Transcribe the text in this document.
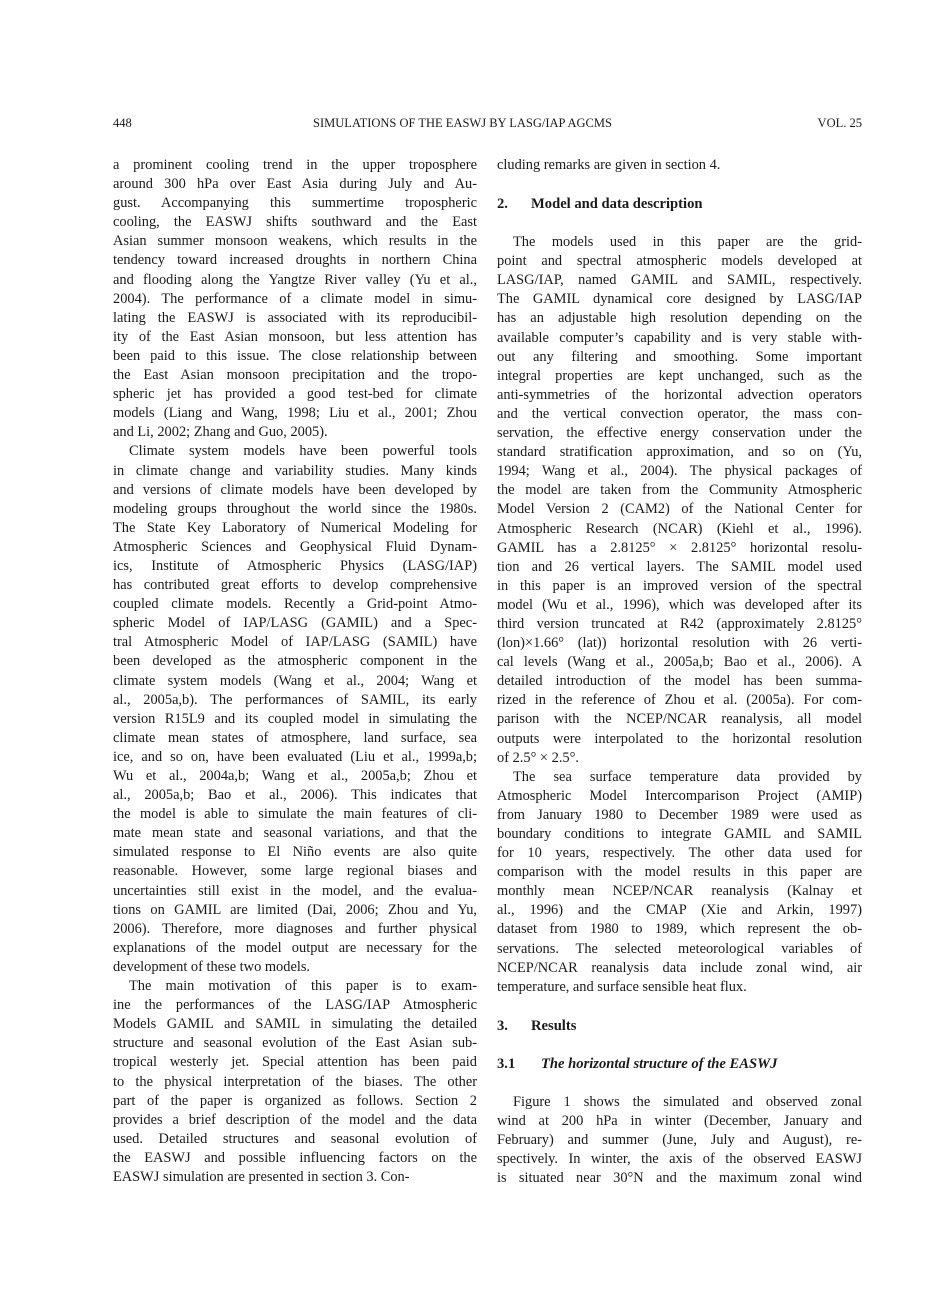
448	SIMULATIONS OF THE EASWJ BY LASG/IAP AGCMS	VOL. 25
a prominent cooling trend in the upper troposphere
around 300 hPa over East Asia during July and Au-
gust. Accompanying this summertime tropospheric
cooling, the EASWJ shifts southward and the East
Asian summer monsoon weakens, which results in the
tendency toward increased droughts in northern China
and flooding along the Yangtze River valley (Yu et al.,
2004). The performance of a climate model in simu-
lating the EASWJ is associated with its reproducibil-
ity of the East Asian monsoon, but less attention has
been paid to this issue. The close relationship between
the East Asian monsoon precipitation and the tropo-
spheric jet has provided a good test-bed for climate
models (Liang and Wang, 1998; Liu et al., 2001; Zhou
and Li, 2002; Zhang and Guo, 2005).
Climate system models have been powerful tools
in climate change and variability studies. Many kinds
and versions of climate models have been developed by
modeling groups throughout the world since the 1980s.
The State Key Laboratory of Numerical Modeling for
Atmospheric Sciences and Geophysical Fluid Dynam-
ics, Institute of Atmospheric Physics (LASG/IAP)
has contributed great efforts to develop comprehensive
coupled climate models. Recently a Grid-point Atmo-
spheric Model of IAP/LASG (GAMIL) and a Spec-
tral Atmospheric Model of IAP/LASG (SAMIL) have
been developed as the atmospheric component in the
climate system models (Wang et al., 2004; Wang et
al., 2005a,b). The performances of SAMIL, its early
version R15L9 and its coupled model in simulating the
climate mean states of atmosphere, land surface, sea
ice, and so on, have been evaluated (Liu et al., 1999a,b;
Wu et al., 2004a,b; Wang et al., 2005a,b; Zhou et
al., 2005a,b; Bao et al., 2006). This indicates that
the model is able to simulate the main features of cli-
mate mean state and seasonal variations, and that the
simulated response to El Niño events are also quite
reasonable. However, some large regional biases and
uncertainties still exist in the model, and the evalua-
tions on GAMIL are limited (Dai, 2006; Zhou and Yu,
2006). Therefore, more diagnoses and further physical
explanations of the model output are necessary for the
development of these two models.
The main motivation of this paper is to exam-
ine the performances of the LASG/IAP Atmospheric
Models GAMIL and SAMIL in simulating the detailed
structure and seasonal evolution of the East Asian sub-
tropical westerly jet. Special attention has been paid
to the physical interpretation of the biases. The other
part of the paper is organized as follows. Section 2
provides a brief description of the model and the data
used. Detailed structures and seasonal evolution of
the EASWJ and possible influencing factors on the
EASWJ simulation are presented in section 3. Con-
cluding remarks are given in section 4.
2. Model and data description
The models used in this paper are the grid-
point and spectral atmospheric models developed at
LASG/IAP, named GAMIL and SAMIL, respectively.
The GAMIL dynamical core designed by LASG/IAP
has an adjustable high resolution depending on the
available computer’s capability and is very stable with-
out any filtering and smoothing. Some important
integral properties are kept unchanged, such as the
anti-symmetries of the horizontal advection operators
and the vertical convection operator, the mass con-
servation, the effective energy conservation under the
standard stratification approximation, and so on (Yu,
1994; Wang et al., 2004). The physical packages of
the model are taken from the Community Atmospheric
Model Version 2 (CAM2) of the National Center for
Atmospheric Research (NCAR) (Kiehl et al., 1996).
GAMIL has a 2.8125° × 2.8125° horizontal resolu-
tion and 26 vertical layers. The SAMIL model used
in this paper is an improved version of the spectral
model (Wu et al., 1996), which was developed after its
third version truncated at R42 (approximately 2.8125°
(lon)×1.66° (lat)) horizontal resolution with 26 verti-
cal levels (Wang et al., 2005a,b; Bao et al., 2006). A
detailed introduction of the model has been summa-
rized in the reference of Zhou et al. (2005a). For com-
parison with the NCEP/NCAR reanalysis, all model
outputs were interpolated to the horizontal resolution
of 2.5° × 2.5°.
The sea surface temperature data provided by
Atmospheric Model Intercomparison Project (AMIP)
from January 1980 to December 1989 were used as
boundary conditions to integrate GAMIL and SAMIL
for 10 years, respectively. The other data used for
comparison with the model results in this paper are
monthly mean NCEP/NCAR reanalysis (Kalnay et
al., 1996) and the CMAP (Xie and Arkin, 1997)
dataset from 1980 to 1989, which represent the ob-
servations. The selected meteorological variables of
NCEP/NCAR reanalysis data include zonal wind, air
temperature, and surface sensible heat flux.
3. Results
3.1 The horizontal structure of the EASWJ
Figure 1 shows the simulated and observed zonal
wind at 200 hPa in winter (December, January and
February) and summer (June, July and August), re-
spectively. In winter, the axis of the observed EASWJ
is situated near 30°N and the maximum zonal wind
